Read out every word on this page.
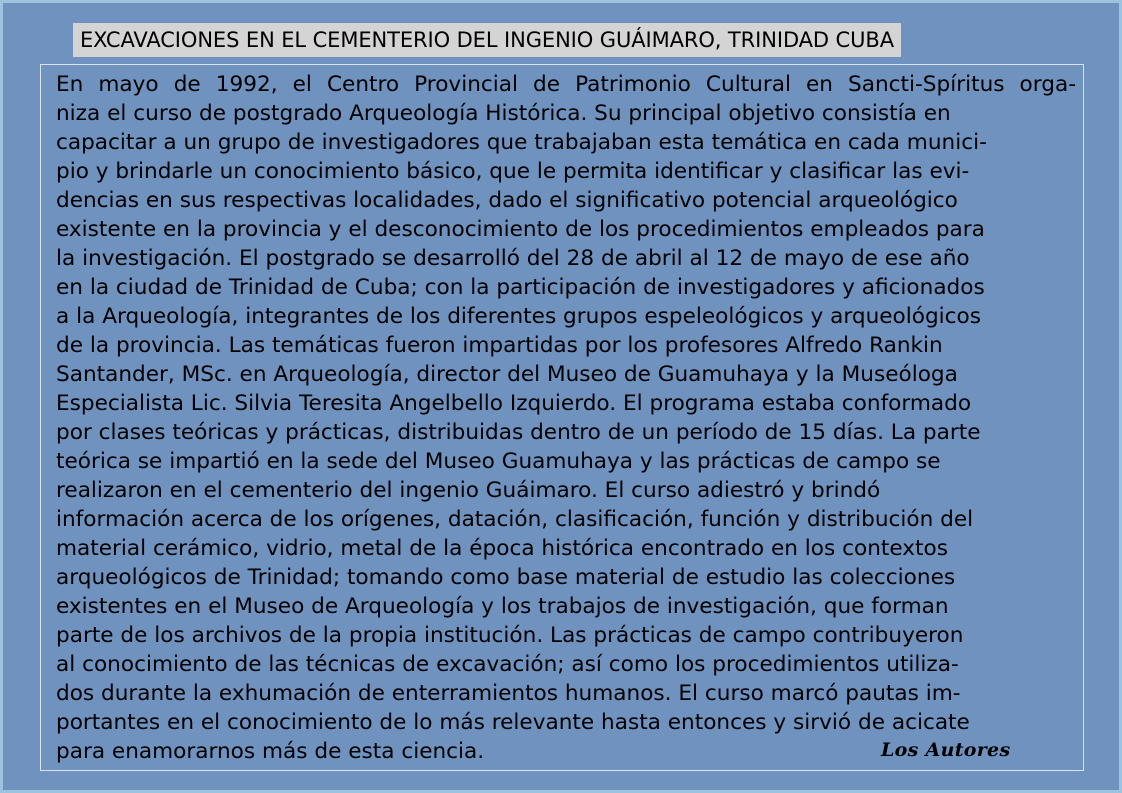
EXCAVACIONES EN EL CEMENTERIO DEL INGENIO GUÁIMARO, TRINIDAD CUBA

En mayo de 1992, el Centro Provincial de Patrimonio Cultural en Sancti-Spíritus orga-
niza el curso de postgrado Arqueología Histórica. Su principal objetivo consistía en
capacitar a un grupo de investigadores que trabajaban esta temática en cada munici-
pio y brindarle un conocimiento básico, que le permita identificar y clasificar las evi-
dencias en sus respectivas localidades, dado el significativo potencial arqueológico
existente en la provincia y el desconocimiento de los procedimientos empleados para
la investigación. El postgrado se desarrolló del 28 de abril al 12 de mayo de ese año
en la ciudad de Trinidad de Cuba; con la participación de investigadores y aficionados
a la Arqueología, integrantes de los diferentes grupos espeleológicos y arqueológicos
de la provincia. Las temáticas fueron impartidas por los profesores Alfredo Rankin
Santander, MSc. en Arqueología, director del Museo de Guamuhaya y la Museóloga
Especialista Lic. Silvia Teresita Angelbello Izquierdo. El programa estaba conformado
por clases teóricas y prácticas, distribuidas dentro de un período de 15 días. La parte
teórica se impartió en la sede del Museo Guamuhaya y las prácticas de campo se
realizaron en el cementerio del ingenio Guáimaro. El curso adiestró y brindó
información acerca de los orígenes, datación, clasificación, función y distribución del
material cerámico, vidrio, metal de la época histórica encontrado en los contextos
arqueológicos de Trinidad; tomando como base material de estudio las colecciones
existentes en el Museo de Arqueología y los trabajos de investigación, que forman
parte de los archivos de la propia institución. Las prácticas de campo contribuyeron
al conocimiento de las técnicas de excavación; así como los procedimientos utiliza-
dos durante la exhumación de enterramientos humanos. El curso marcó pautas im-
portantes en el conocimiento de lo más relevante hasta entonces y sirvió de acicate
para enamorarnos más de esta ciencia.	Los Autores
